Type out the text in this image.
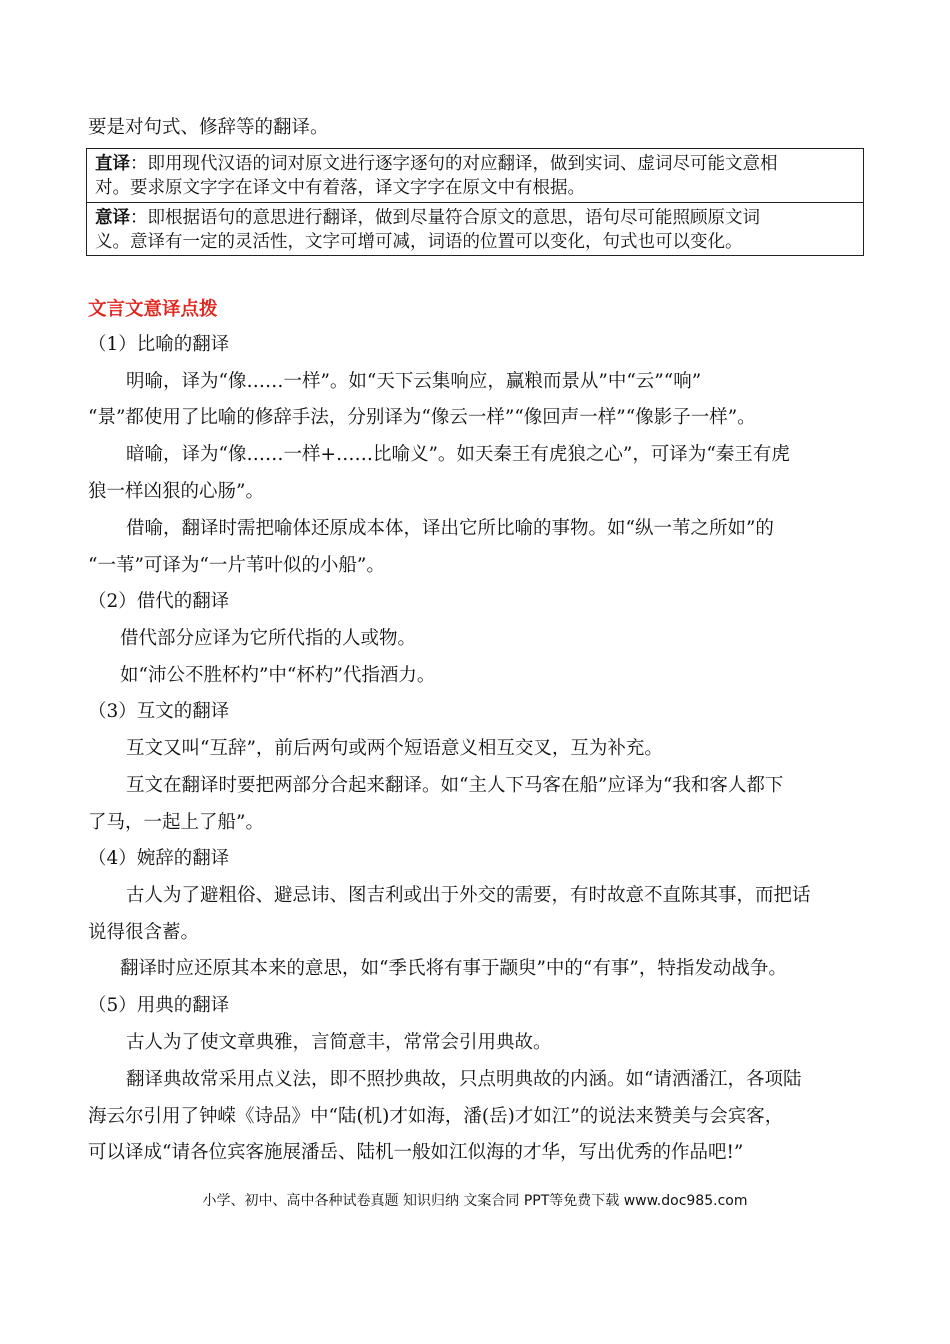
要是对句式、修辞等的翻译。
直译：即用现代汉语的词对原文进行逐字逐句的对应翻译，做到实词、虚词尽可能文意相
对。要求原文字字在译文中有着落，译文字字在原文中有根据。
意译：即根据语句的意思进行翻译，做到尽量符合原文的意思，语句尽可能照顾原文词
义。意译有一定的灵活性，文字可增可减，词语的位置可以变化，句式也可以变化。
文言文意译点拨
（1）比喻的翻译
明喻，译为“像……一样”。如“天下云集响应，赢粮而景从”中“云”“响”
“景”都使用了比喻的修辞手法，分别译为“像云一样”“像回声一样”“像影子一样”。
暗喻，译为“像……一样+……比喻义”。如天秦王有虎狼之心”，可译为“秦王有虎
狼一样凶狠的心肠”。
借喻，翻译时需把喻体还原成本体，译出它所比喻的事物。如“纵一苇之所如”的
“一苇”可译为“一片苇叶似的小船”。
（2）借代的翻译
借代部分应译为它所代指的人或物。
如“沛公不胜杯杓”中“杯杓”代指酒力。
（3）互文的翻译
互文又叫“互辞”，前后两句或两个短语意义相互交叉，互为补充。
互文在翻译时要把两部分合起来翻译。如“主人下马客在船”应译为“我和客人都下
了马，一起上了船”。
（4）婉辞的翻译
古人为了避粗俗、避忌讳、图吉利或出于外交的需要，有时故意不直陈其事，而把话
说得很含蓄。
翻译时应还原其本来的意思，如“季氏将有事于颛臾”中的“有事”，特指发动战争。
（5）用典的翻译
古人为了使文章典雅，言简意丰，常常会引用典故。
翻译典故常采用点义法，即不照抄典故，只点明典故的内涵。如“请洒潘江，各项陆
海云尔引用了钟嵘《诗品》中“陆(机)才如海，潘(岳)才如江”的说法来赞美与会宾客，
可以译成“请各位宾客施展潘岳、陆机一般如江似海的才华，写出优秀的作品吧!”
小学、初中、高中各种试卷真题 知识归纳 文案合同 PPT等免费下载 www.doc985.com
